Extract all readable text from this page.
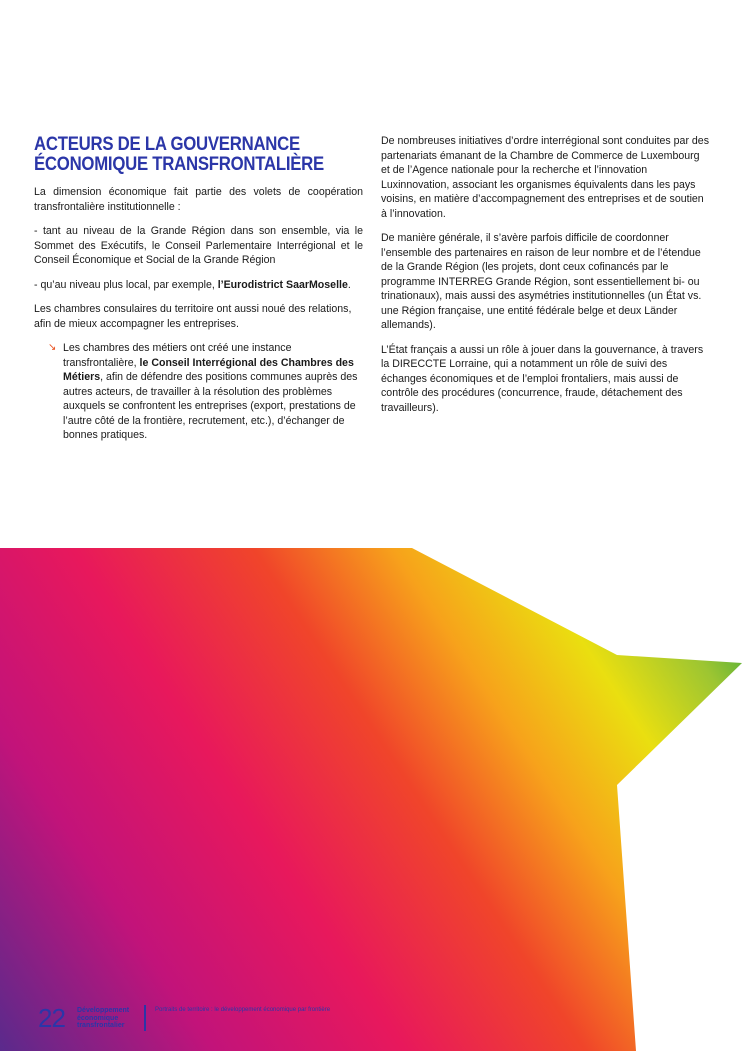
ACTEURS DE LA GOUVERNANCE
ÉCONOMIQUE TRANSFRONTALIÈRE

La dimension économique fait partie des volets de coopération transfrontalière institutionnelle :

- tant au niveau de la Grande Région dans son ensemble, via le Sommet des Exécutifs, le Conseil Parlementaire Interrégional et le Conseil Économique et Social de la Grande Région

- qu’au niveau plus local, par exemple, l’Eurodistrict SaarMoselle.

Les chambres consulaires du territoire ont aussi noué des relations, afin de mieux accompagner les entreprises.

↘ Les chambres des métiers ont créé une instance transfrontalière, le Conseil Interrégional des Chambres des Métiers, afin de défendre des positions communes auprès des autres acteurs, de travailler à la résolution des problèmes auxquels se confrontent les entreprises (export, prestations de l’autre côté de la frontière, recrutement, etc.), d’échanger de bonnes pratiques.

De nombreuses initiatives d’ordre interrégional sont conduites par des partenariats émanant de la Chambre de Commerce de Luxembourg et de l’Agence nationale pour la recherche et l’innovation Luxinnovation, associant les organismes équivalents dans les pays voisins, en matière d’accompagnement des entreprises et de soutien à l’innovation.

De manière générale, il s’avère parfois difficile de coordonner l’ensemble des partenaires en raison de leur nombre et de l’étendue de la Grande Région (les projets, dont ceux cofinancés par le programme INTERREG Grande Région, sont essentiellement bi- ou trinationaux), mais aussi des asymétries institutionnelles (un État vs. une Région française, une entité fédérale belge et deux Länder allemands).

L’État français a aussi un rôle à jouer dans la gouvernance, à travers la DIRECCTE Lorraine, qui a notamment un rôle de suivi des échanges économiques et de l’emploi frontaliers, mais aussi de contrôle des procédures (concurrence, fraude, détachement des travailleurs).

22 Développement
économique
transfrontalier
Portraits de territoire : le développement économique par frontière
